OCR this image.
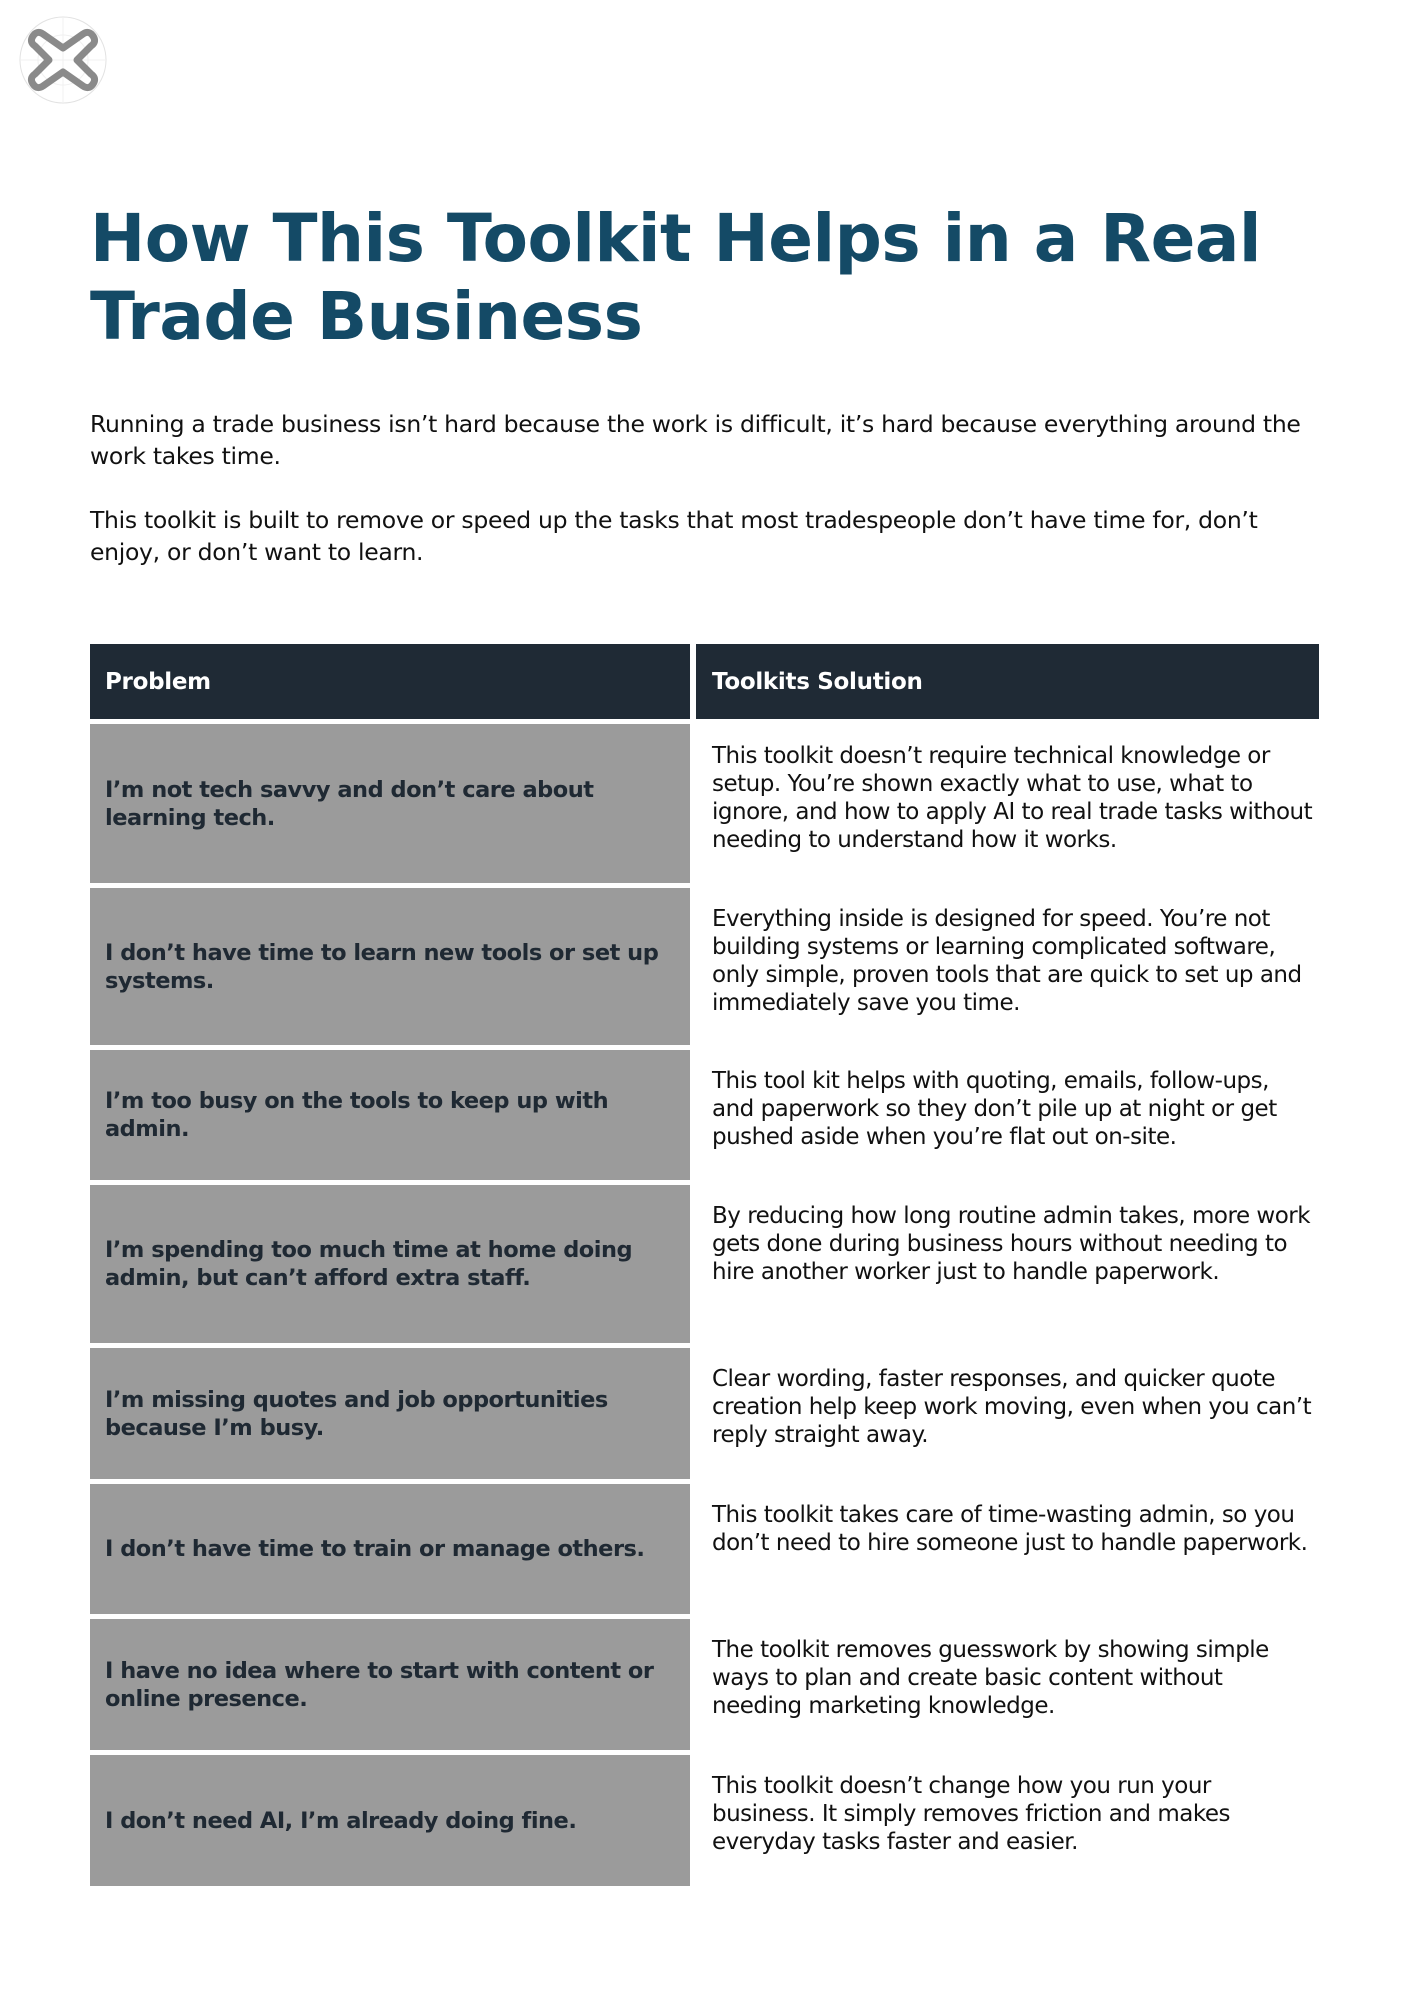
How This Toolkit Helps in a Real Trade Business

Running a trade business isn’t hard because the work is difficult, it’s hard because everything around the work takes time.

This toolkit is built to remove or speed up the tasks that most tradespeople don’t have time for, don’t enjoy, or don’t want to learn.

Problem	Toolkits Solution
I’m not tech savvy and don’t care about learning tech.
This toolkit doesn’t require technical knowledge or setup. You’re shown exactly what to use, what to ignore, and how to apply AI to real trade tasks without needing to understand how it works.
I don’t have time to learn new tools or set up systems.
Everything inside is designed for speed. You’re not building systems or learning complicated software, only simple, proven tools that are quick to set up and immediately save you time.
I’m too busy on the tools to keep up with admin.
This tool kit helps with quoting, emails, follow-ups, and paperwork so they don’t pile up at night or get pushed aside when you’re flat out on-site.
I’m spending too much time at home doing admin, but can’t afford extra staff.
By reducing how long routine admin takes, more work gets done during business hours without needing to hire another worker just to handle paperwork.
I’m missing quotes and job opportunities because I’m busy.
Clear wording, faster responses, and quicker quote creation help keep work moving, even when you can’t reply straight away.
I don’t have time to train or manage others.
This toolkit takes care of time-wasting admin, so you don’t need to hire someone just to handle paperwork.
I have no idea where to start with content or online presence.
The toolkit removes guesswork by showing simple ways to plan and create basic content without needing marketing knowledge.
I don’t need AI, I’m already doing fine.
This toolkit doesn’t change how you run your business. It simply removes friction and makes everyday tasks faster and easier.
